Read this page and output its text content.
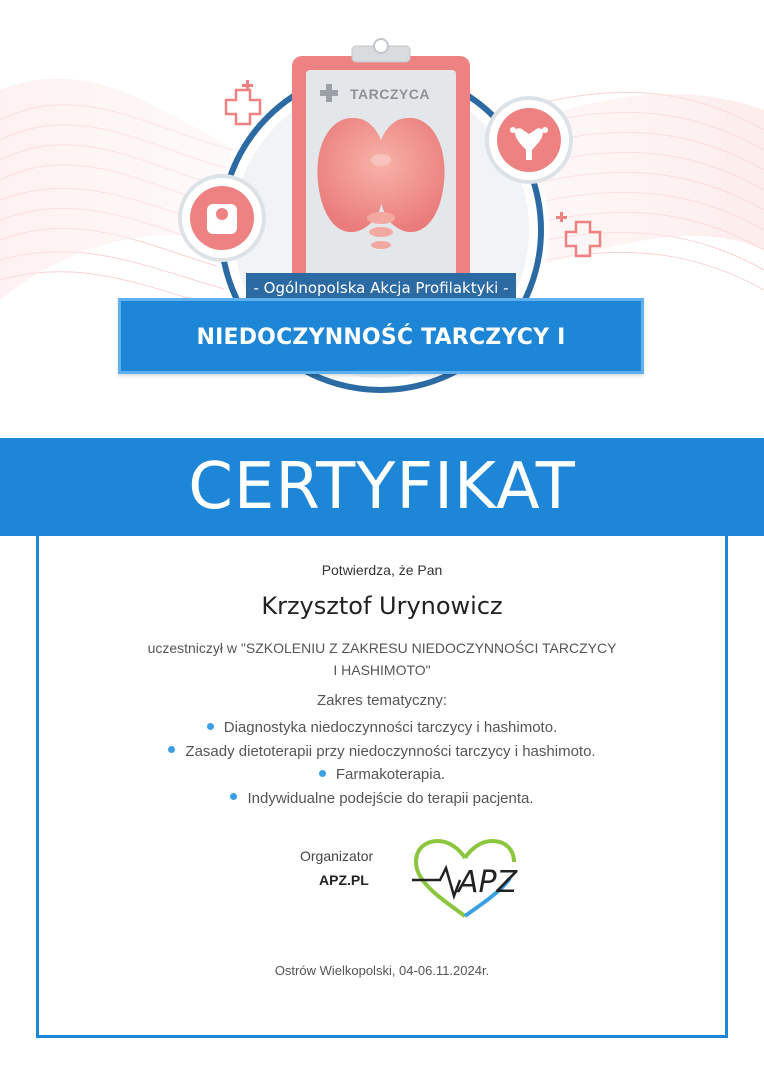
TARCZYCA
- Ogólnopolska Akcja Profilaktyki -
NIEDOCZYNNOŚĆ TARCZYCY I HASHIMOTO
CERTYFIKAT
Potwierdza, że Pan
Krzysztof Urynowicz
uczestniczył w "SZKOLENIU Z ZAKRESU NIEDOCZYNNOŚCI TARCZYCY
I HASHIMOTO"
Zakres tematyczny:
Diagnostyka niedoczynności tarczycy i hashimoto.
Zasady dietoterapii przy niedoczynności tarczycy i hashimoto.
Farmakoterapia.
Indywidualne podejście do terapii pacjenta.
Organizator
APZ.PL	APZ
Ostrów Wielkopolski, 04-06.11.2024r.
